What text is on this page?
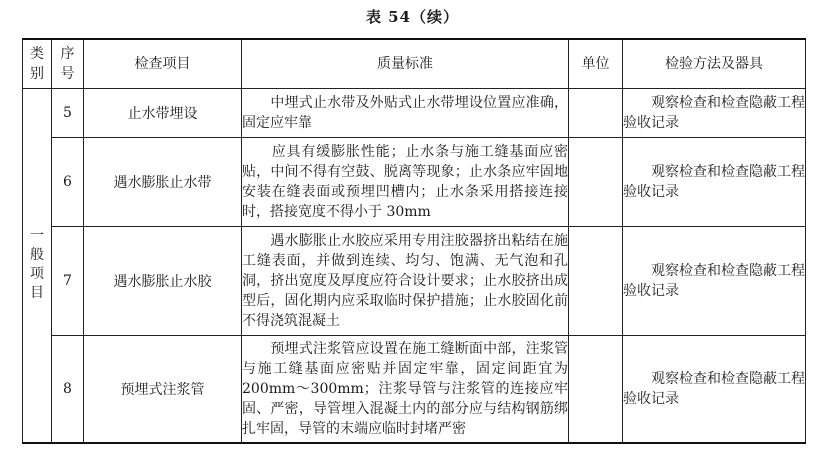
表 54（续）
类别	序号	检查项目	质量标准	单位	检验方法及器具

一般项目	5	止水带埋设	　　中埋式止水带及外贴式止水带埋设位置应准确，固定应牢靠		　　观察检查和检查隐蔽工程验收记录
	6	遇水膨胀止水带	　　应具有缓膨胀性能；止水条与施工缝基面应密贴，中间不得有空鼓、脱离等现象；止水条应牢固地安装在缝表面或预埋凹槽内；止水条采用搭接连接时，搭接宽度不得小于 30mm		　　观察检查和检查隐蔽工程验收记录
	7	遇水膨胀止水胶	　　遇水膨胀止水胶应采用专用注胶器挤出粘结在施工缝表面，并做到连续、均匀、饱满、无气泡和孔洞，挤出宽度及厚度应符合设计要求；止水胶挤出成型后，固化期内应采取临时保护措施；止水胶固化前不得浇筑混凝土		　　观察检查和检查隐蔽工程验收记录
	8	预埋式注浆管	　　预埋式注浆管应设置在施工缝断面中部，注浆管与施工缝基面应密贴并固定牢靠，固定间距宜为 200mm～300mm；注浆导管与注浆管的连接应牢固、严密，导管埋入混凝土内的部分应与结构钢筋绑扎牢固，导管的末端应临时封堵严密		　　观察检查和检查隐蔽工程验收记录
